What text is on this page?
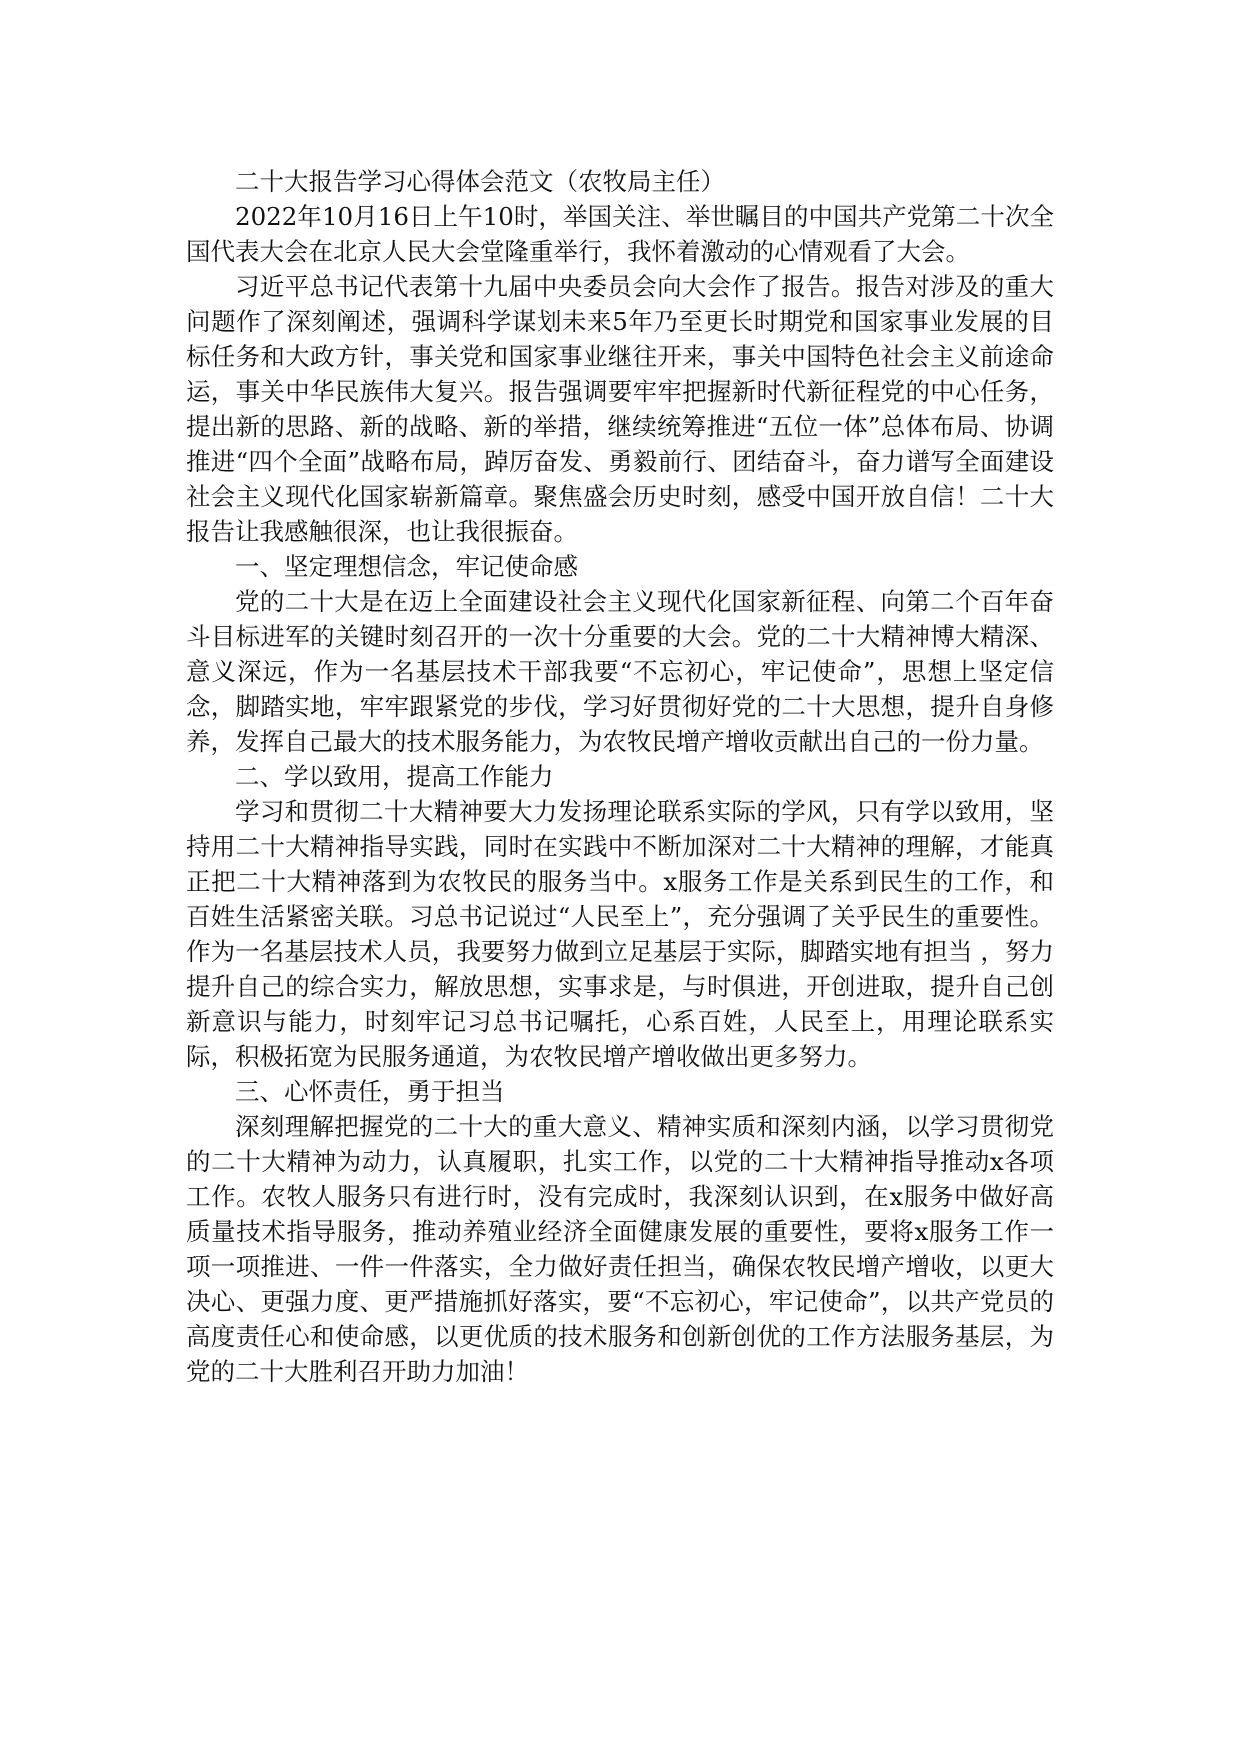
二十大报告学习心得体会范文（农牧局主任）

2022年10月16日上午10时，举国关注、举世瞩目的中国共产党第二十次全国代表大会在北京人民大会堂隆重举行，我怀着激动的心情观看了大会。

习近平总书记代表第十九届中央委员会向大会作了报告。报告对涉及的重大问题作了深刻阐述，强调科学谋划未来5年乃至更长时期党和国家事业发展的目标任务和大政方针，事关党和国家事业继往开来，事关中国特色社会主义前途命运，事关中华民族伟大复兴。报告强调要牢牢把握新时代新征程党的中心任务，提出新的思路、新的战略、新的举措，继续统筹推进“五位一体”总体布局、协调推进“四个全面”战略布局，踔厉奋发、勇毅前行、团结奋斗，奋力谱写全面建设社会主义现代化国家崭新篇章。聚焦盛会历史时刻，感受中国开放自信！二十大报告让我感触很深，也让我很振奋。

一、坚定理想信念，牢记使命感

党的二十大是在迈上全面建设社会主义现代化国家新征程、向第二个百年奋斗目标进军的关键时刻召开的一次十分重要的大会。党的二十大精神博大精深、意义深远，作为一名基层技术干部我要“不忘初心，牢记使命”，思想上坚定信念，脚踏实地，牢牢跟紧党的步伐，学习好贯彻好党的二十大思想，提升自身修养，发挥自己最大的技术服务能力，为农牧民增产增收贡献出自己的一份力量。

二、学以致用，提高工作能力

学习和贯彻二十大精神要大力发扬理论联系实际的学风，只有学以致用，坚持用二十大精神指导实践，同时在实践中不断加深对二十大精神的理解，才能真正把二十大精神落到为农牧民的服务当中。x服务工作是关系到民生的工作，和百姓生活紧密关联。习总书记说过“人民至上”，充分强调了关乎民生的重要性。作为一名基层技术人员，我要努力做到立足基层于实际，脚踏实地有担当 ，努力提升自己的综合实力，解放思想，实事求是，与时俱进，开创进取，提升自己创新意识与能力，时刻牢记习总书记嘱托，心系百姓，人民至上，用理论联系实际，积极拓宽为民服务通道，为农牧民增产增收做出更多努力。

三、心怀责任，勇于担当

深刻理解把握党的二十大的重大意义、精神实质和深刻内涵，以学习贯彻党的二十大精神为动力，认真履职，扎实工作，以党的二十大精神指导推动x各项工作。农牧人服务只有进行时，没有完成时，我深刻认识到，在x服务中做好高质量技术指导服务，推动养殖业经济全面健康发展的重要性，要将x服务工作一项一项推进、一件一件落实，全力做好责任担当，确保农牧民增产增收，以更大决心、更强力度、更严措施抓好落实，要“不忘初心，牢记使命”，以共产党员的高度责任心和使命感，以更优质的技术服务和创新创优的工作方法服务基层，为党的二十大胜利召开助力加油！
